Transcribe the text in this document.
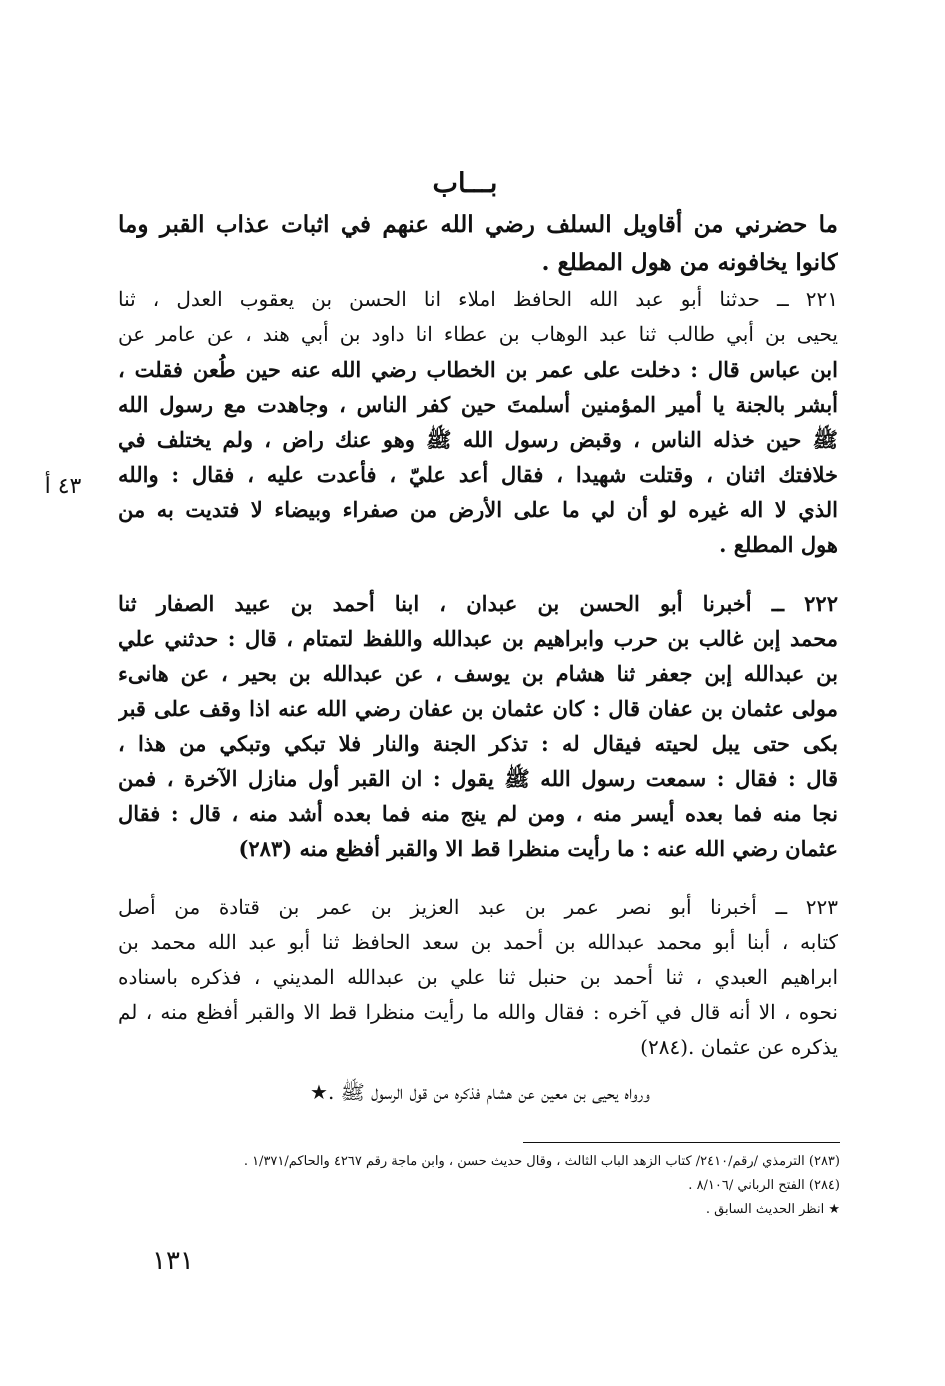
بـــاب
ما حضرني من أقاويل السلف رضي الله عنهم في اثبات عذاب القبر وما
كانوا يخافونه من هول المطلع .
٢٢١ ــ حدثنا أبو عبد الله الحافظ املاء انا الحسن بن يعقوب العدل ، ثنا
يحيى بن أبي طالب ثنا عبد الوهاب بن عطاء انا داود بن أبي هند ، عن عامر عن
ابن عباس قال : دخلت على عمر بن الخطاب رضي الله عنه حين طُعن فقلت ،
أبشر بالجنة يا أمير المؤمنين أسلمتَ حين كفر الناس ، وجاهدت مع رسول الله
ﷺ حين خذله الناس ، وقبض رسول الله ﷺ وهو عنك راض ، ولم يختلف في
خلافتك اثنان ، وقتلت شهيدا ، فقال أعد عليّ ، فأعدت عليه ، فقال : والله
الذي لا اله غيره لو أن لي ما على الأرض من صفراء وبيضاء لا فتديت به من
هول المطلع .
٤٣ أ
٢٢٢ ــ أخبرنا أبو الحسن بن عبدان ، ابنا أحمد بن عبيد الصفار ثنا
محمد إبن غالب بن حرب وابراهيم بن عبدالله واللفظ لتمتام ، قال : حدثني علي
بن عبدالله إبن جعفر ثنا هشام بن يوسف ، عن عبدالله بن بحير ، عن هانىء
مولى عثمان بن عفان قال : كان عثمان بن عفان رضي الله عنه اذا وقف على قبر
بكى حتى يبل لحيته فيقال له : تذكر الجنة والنار فلا تبكي وتبكي من هذا ،
قال : فقال : سمعت رسول الله ﷺ يقول : ان القبر أول منازل الآخرة ، فمن
نجا منه فما بعده أيسر منه ، ومن لم ينج منه فما بعده أشد منه ، قال : فقال
عثمان رضي الله عنه : ما رأيت منظرا قط الا والقبر أفظع منه (٢٨٣)
٢٢٣ ــ أخبرنا أبو نصر عمر بن عبد العزيز بن عمر بن قتادة من أصل
كتابه ، أبنا أبو محمد عبدالله بن أحمد بن سعد الحافظ ثنا أبو عبد الله محمد بن
ابراهيم العبدي ، ثنا أحمد بن حنبل ثنا علي بن عبدالله المديني ، فذكره باسناده
نحوه ، الا أنه قال في آخره : فقال والله ما رأيت منظرا قط الا والقبر أفظع منه ، لم
يذكره عن عثمان .(٢٨٤)
ورواه يحيى بن معين عن هشام فذكره من قول الرسول ﷺ .★
(٢٨٣) الترمذي /رقم/٢٤١٠/ كتاب الزهد الباب الثالث ، وقال حديث حسن ، وابن ماجة رقم ٤٢٦٧ والحاكم/١/٣٧١ .
(٢٨٤) الفتح الرباني /٨/١٠٦ .
★ انظر الحديث السابق .
١٣١
